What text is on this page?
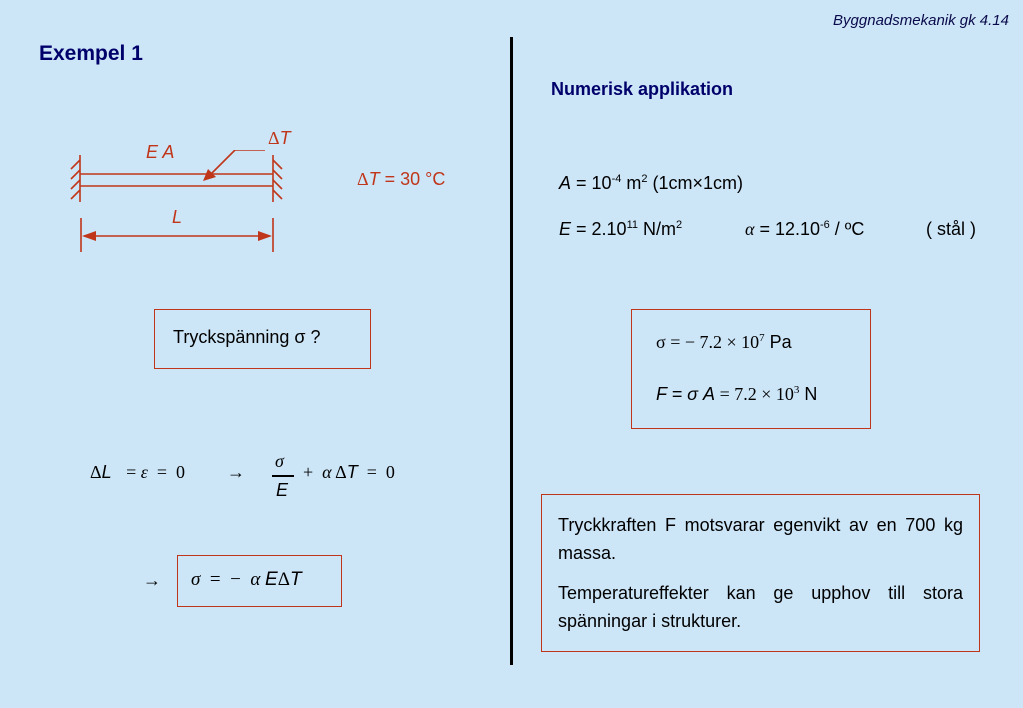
Byggnadsmekanik gk 4.14
Exempel 1
E A
ΔT
L
ΔT = 30 °C
Tryckspänning σ ?
ΔL = ε  =  0 →
σ
E
+  α ΔT  =  0
→ σ  =  −  α EΔT
Numerisk applikation
$A = 10^{-4}$ $m^2$ (1cm×1cm)
$E = 2.10^{11}$ $N/m^2$	$\alpha = 12.10^{-6}$ / ºC	( stål )
σ = − $7.2 \times 10^7$ Pa
F = σ $A = 7.2 \times 10^3$ N

Tryckkraften F motsvarar egenvikt av en 700 kg massa.

Temperatureffekter kan ge upphov till stora spänningar i strukturer.
